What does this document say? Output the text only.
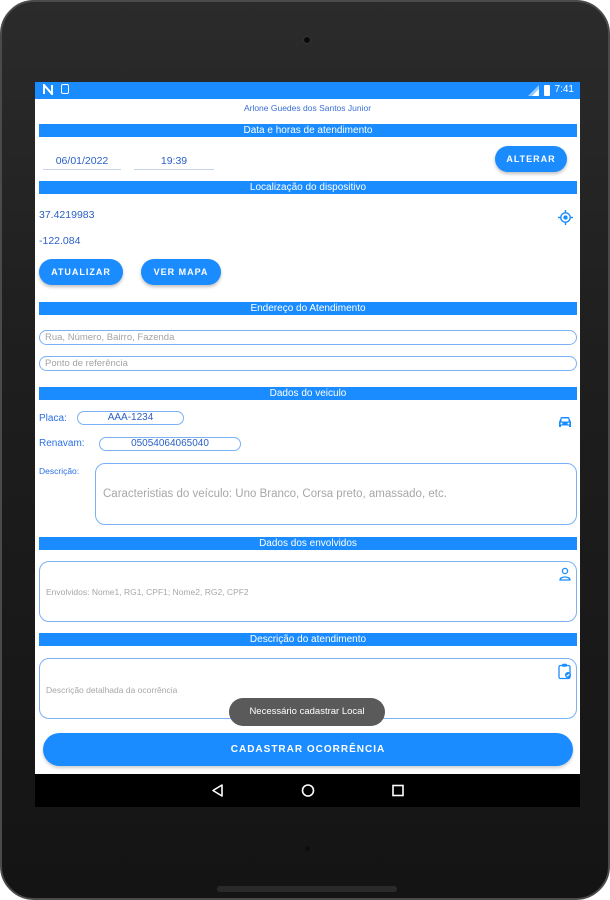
7:41
Arlone Guedes dos Santos Junior
Data e horas de atendimento
06/01/2022	19:39	ALTERAR
Localização do dispositivo
37.4219983
-122.084
ATUALIZAR	VER MAPA
Endereço do Atendimento
Rua, Número, Bairro, Fazenda
Ponto de referência
Dados do veiculo
Placa:	AAA-1234
Renavam:	05054064065040
Descrição:
Caracteristias do veículo: Uno Branco, Corsa preto, amassado, etc.
Dados dos envolvidos
Envolvidos: Nome1, RG1, CPF1; Nome2, RG2, CPF2
Descrição do atendimento
Descrição detalhada da ocorrência
Necessário cadastrar Local
CADASTRAR OCORRÊNCIA
